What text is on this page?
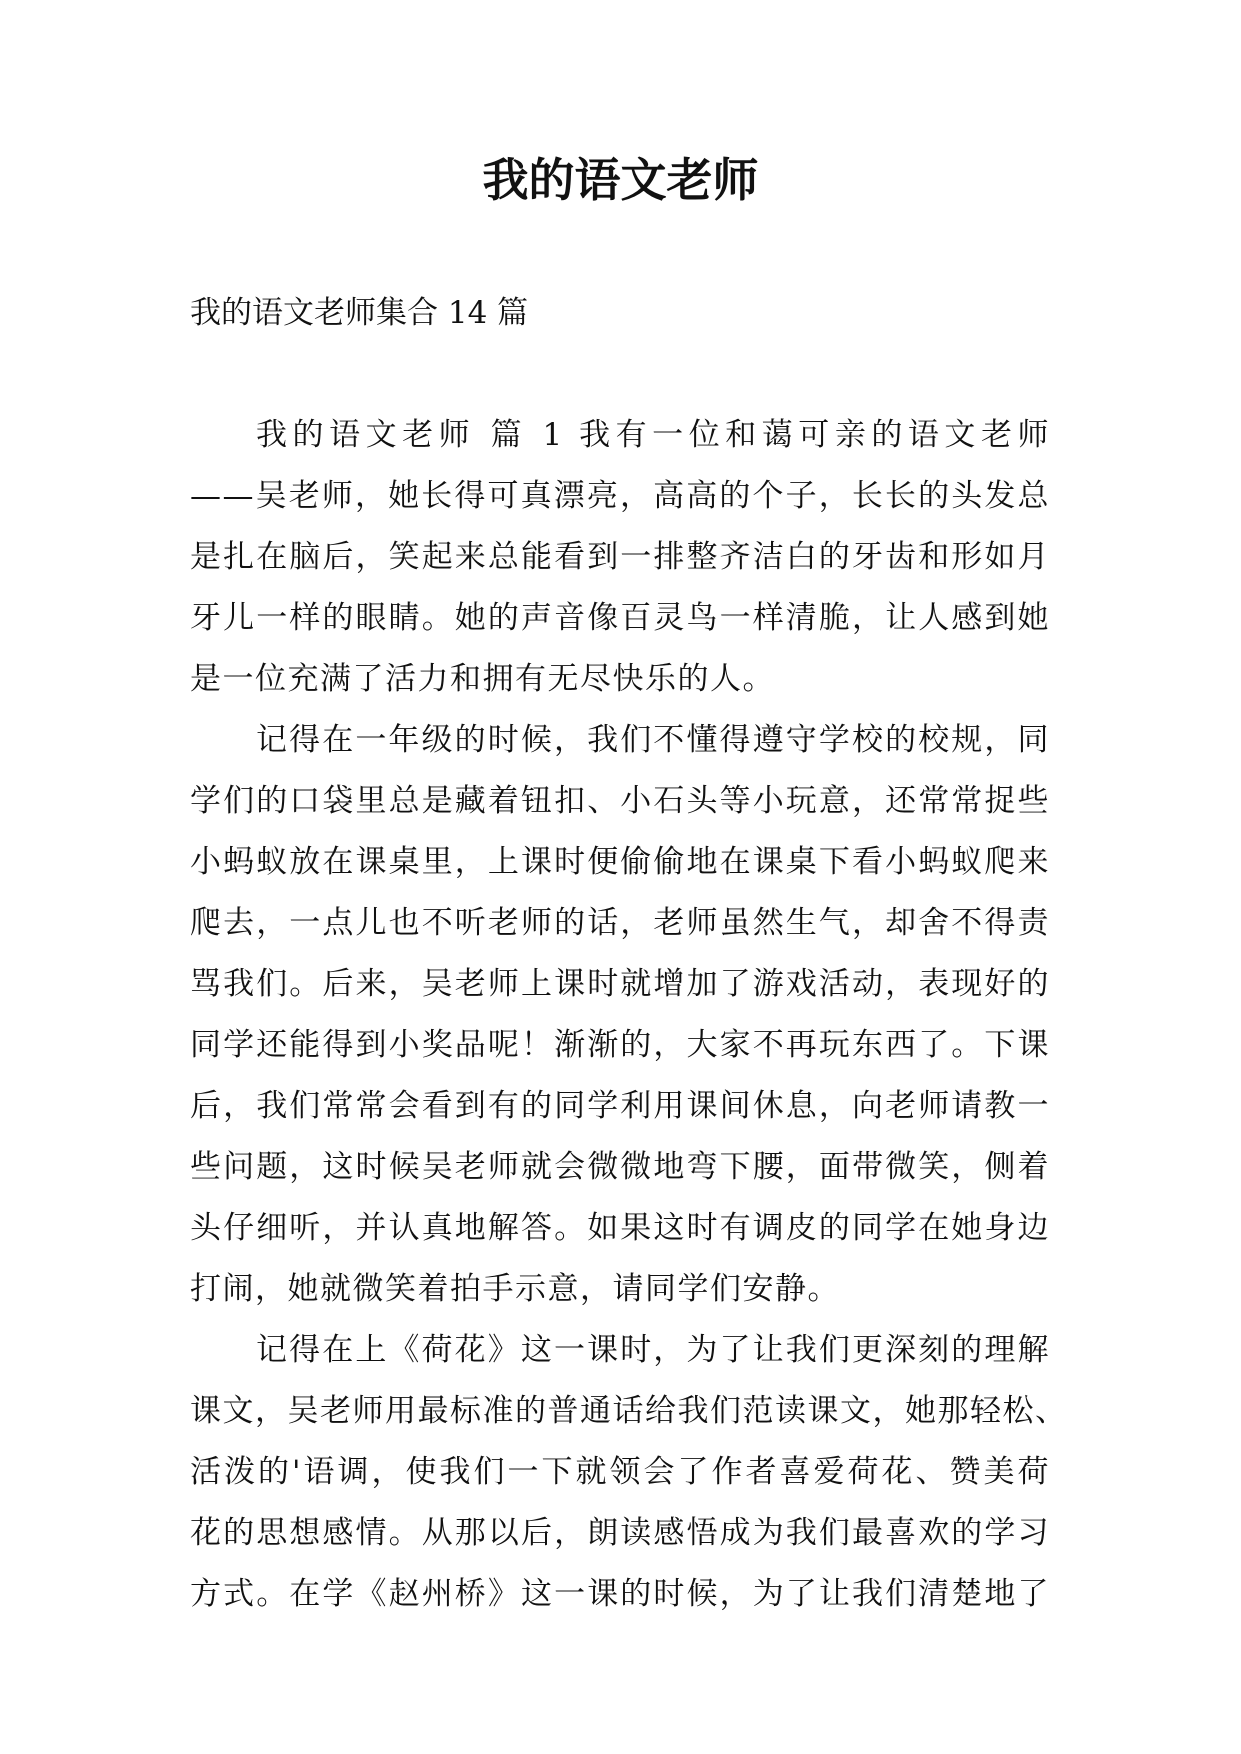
我的语文老师

我的语文老师集合 14 篇

我的语文老师 篇 1 我有一位和蔼可亲的语文老师
——吴老师，她长得可真漂亮，高高的个子，长长的头发总
是扎在脑后，笑起来总能看到一排整齐洁白的牙齿和形如月
牙儿一样的眼睛。她的声音像百灵鸟一样清脆，让人感到她
是一位充满了活力和拥有无尽快乐的人。
记得在一年级的时候，我们不懂得遵守学校的校规，同
学们的口袋里总是藏着钮扣、小石头等小玩意，还常常捉些
小蚂蚁放在课桌里，上课时便偷偷地在课桌下看小蚂蚁爬来
爬去，一点儿也不听老师的话，老师虽然生气，却舍不得责
骂我们。后来，吴老师上课时就增加了游戏活动，表现好的
同学还能得到小奖品呢！渐渐的，大家不再玩东西了。下课
后，我们常常会看到有的同学利用课间休息，向老师请教一
些问题，这时候吴老师就会微微地弯下腰，面带微笑，侧着
头仔细听，并认真地解答。如果这时有调皮的同学在她身边
打闹，她就微笑着拍手示意，请同学们安静。
记得在上《荷花》这一课时，为了让我们更深刻的理解
课文，吴老师用最标准的普通话给我们范读课文，她那轻松、
活泼的'语调，使我们一下就领会了作者喜爱荷花、赞美荷
花的思想感情。从那以后，朗读感悟成为我们最喜欢的学习
方式。在学《赵州桥》这一课的时候，为了让我们清楚地了
